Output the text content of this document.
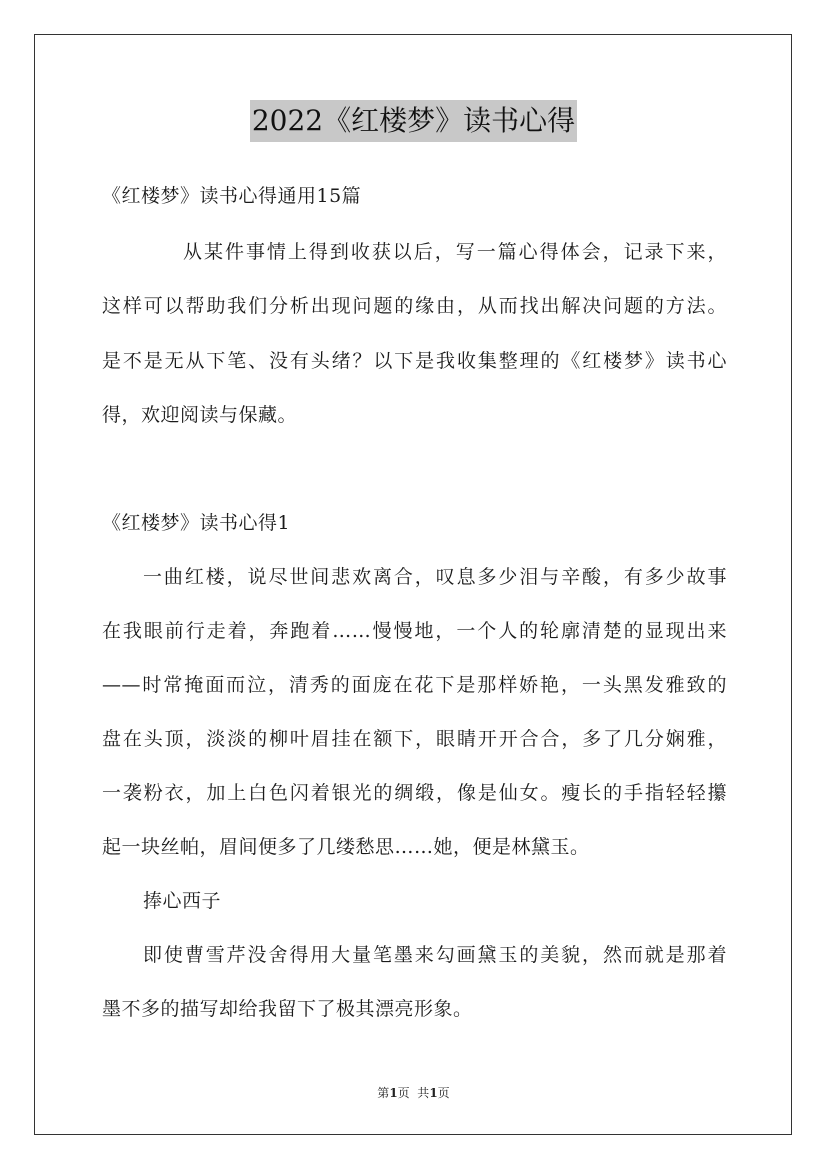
2022《红楼梦》读书心得
《红楼梦》读书心得通用15篇
从某件事情上得到收获以后，写一篇心得体会，记录下来，
这样可以帮助我们分析出现问题的缘由，从而找出解决问题的方法。
是不是无从下笔、没有头绪？以下是我收集整理的《红楼梦》读书心
得，欢迎阅读与保藏。
《红楼梦》读书心得1
一曲红楼，说尽世间悲欢离合，叹息多少泪与辛酸，有多少故事
在我眼前行走着，奔跑着……慢慢地，一个人的轮廓清楚的显现出来
——时常掩面而泣，清秀的面庞在花下是那样娇艳，一头黑发雅致的
盘在头顶，淡淡的柳叶眉挂在额下，眼睛开开合合，多了几分娴雅，
一袭粉衣，加上白色闪着银光的绸缎，像是仙女。瘦长的手指轻轻攥
起一块丝帕，眉间便多了几缕愁思……她，便是林黛玉。
捧心西子
即使曹雪芹没舍得用大量笔墨来勾画黛玉的美貌，然而就是那着
墨不多的描写却给我留下了极其漂亮形象。
第1页  共1页
